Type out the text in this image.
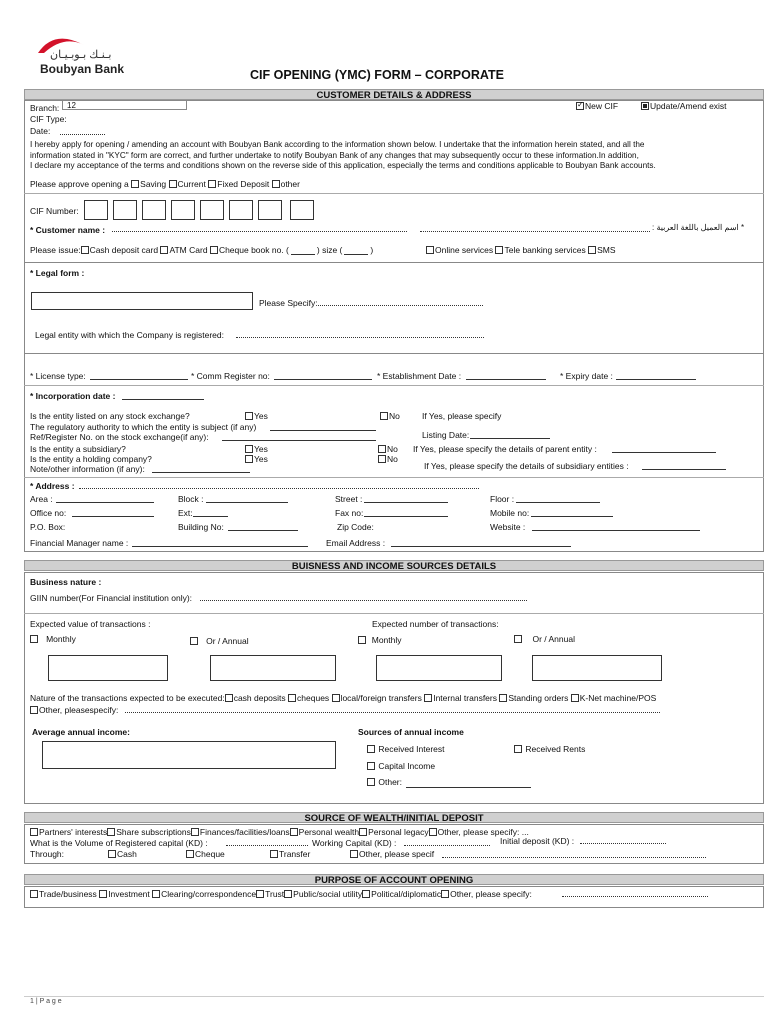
بـنـك بـوبـيـان
Boubyan Bank	CIF OPENING (YMC) FORM – CORPORATE
CUSTOMER DETAILS & ADDRESS
Branch: 12
✓	New CIF	Update/Amend exist
CIF Type:
Date:
I hereby apply for opening / amending an account with Boubyan Bank according to the information shown below. I undertake that the information herein stated, and all the
information stated in "KYC" form are correct, and further undertake to notify Boubyan Bank of any changes that may subsequently occur to these information.In addition,
I declare my acceptance of the terms and conditions shown on the reverse side of this application, especially the terms and conditions applicable to Boubyan Bank accounts.
Please approve opening a Saving Current Fixed Deposit other
CIF Number:
* Customer name :	* اسم العميل باللغة العربية :
Please issue: Cash deposit card ATM Card Cheque book no. (	) size (	)	Online services Tele banking services SMS
* Legal form :
Please Specify:
Legal entity with which the Company is registered:
* License type:	* Comm Register no:	* Establishment Date :	* Expiry date :
* Incorporation date :
Is the entity listed on any stock exchange?	Yes	No	If Yes, please specify
The regulatory authority to which the entity is subject (if any)
Ref/Register No. on the stock exchange(if any):	Listing Date:
Is the entity a subsidiary?	Yes	No If Yes, please specify the details of parent entity :
Is the entity a holding company?	Yes	No
Note/other information (if any):	If Yes, please specify the details of subsidiary entities :
* Address :
Area :	Block :	Street :	Floor :
Office no:	Ext:	Fax no:	Mobile no:
P.O. Box:	Building No:	Zip Code:	Website :
Financial Manager name :	Email Address :
BUISNESS AND INCOME SOURCES DETAILS
Business nature :
GIIN number(For Financial institution only):
Expected value of transactions :	Expected number of transactions:
Monthly	Or / Annual	Monthly	Or / Annual
Nature of the transactions expected to be executed: cash deposits cheques local/foreign transfers Internal transfers Standing orders K-Net machine/POS
Other, pleasespecify:
Average annual income:	Sources of annual income
Received Interest	Received Rents
Capital Income
Other:
SOURCE OF WEALTH/INITIAL DEPOSIT
Partners' interests Share subscriptions Finances/facilities/loans Personal wealth Personal legacy Other, please specify: ...
What is the Volume of Registered capital (KD) :	Working Capital (KD) :	Initial deposit (KD) :
Through:	Cash	Cheque	Transfer	Other, please specif
PURPOSE OF ACCOUNT OPENING
Trade/business Investment Clearing/correspondence Trust Public/social utility Political/diplomatic Other, please specify:
1 | P a g e
